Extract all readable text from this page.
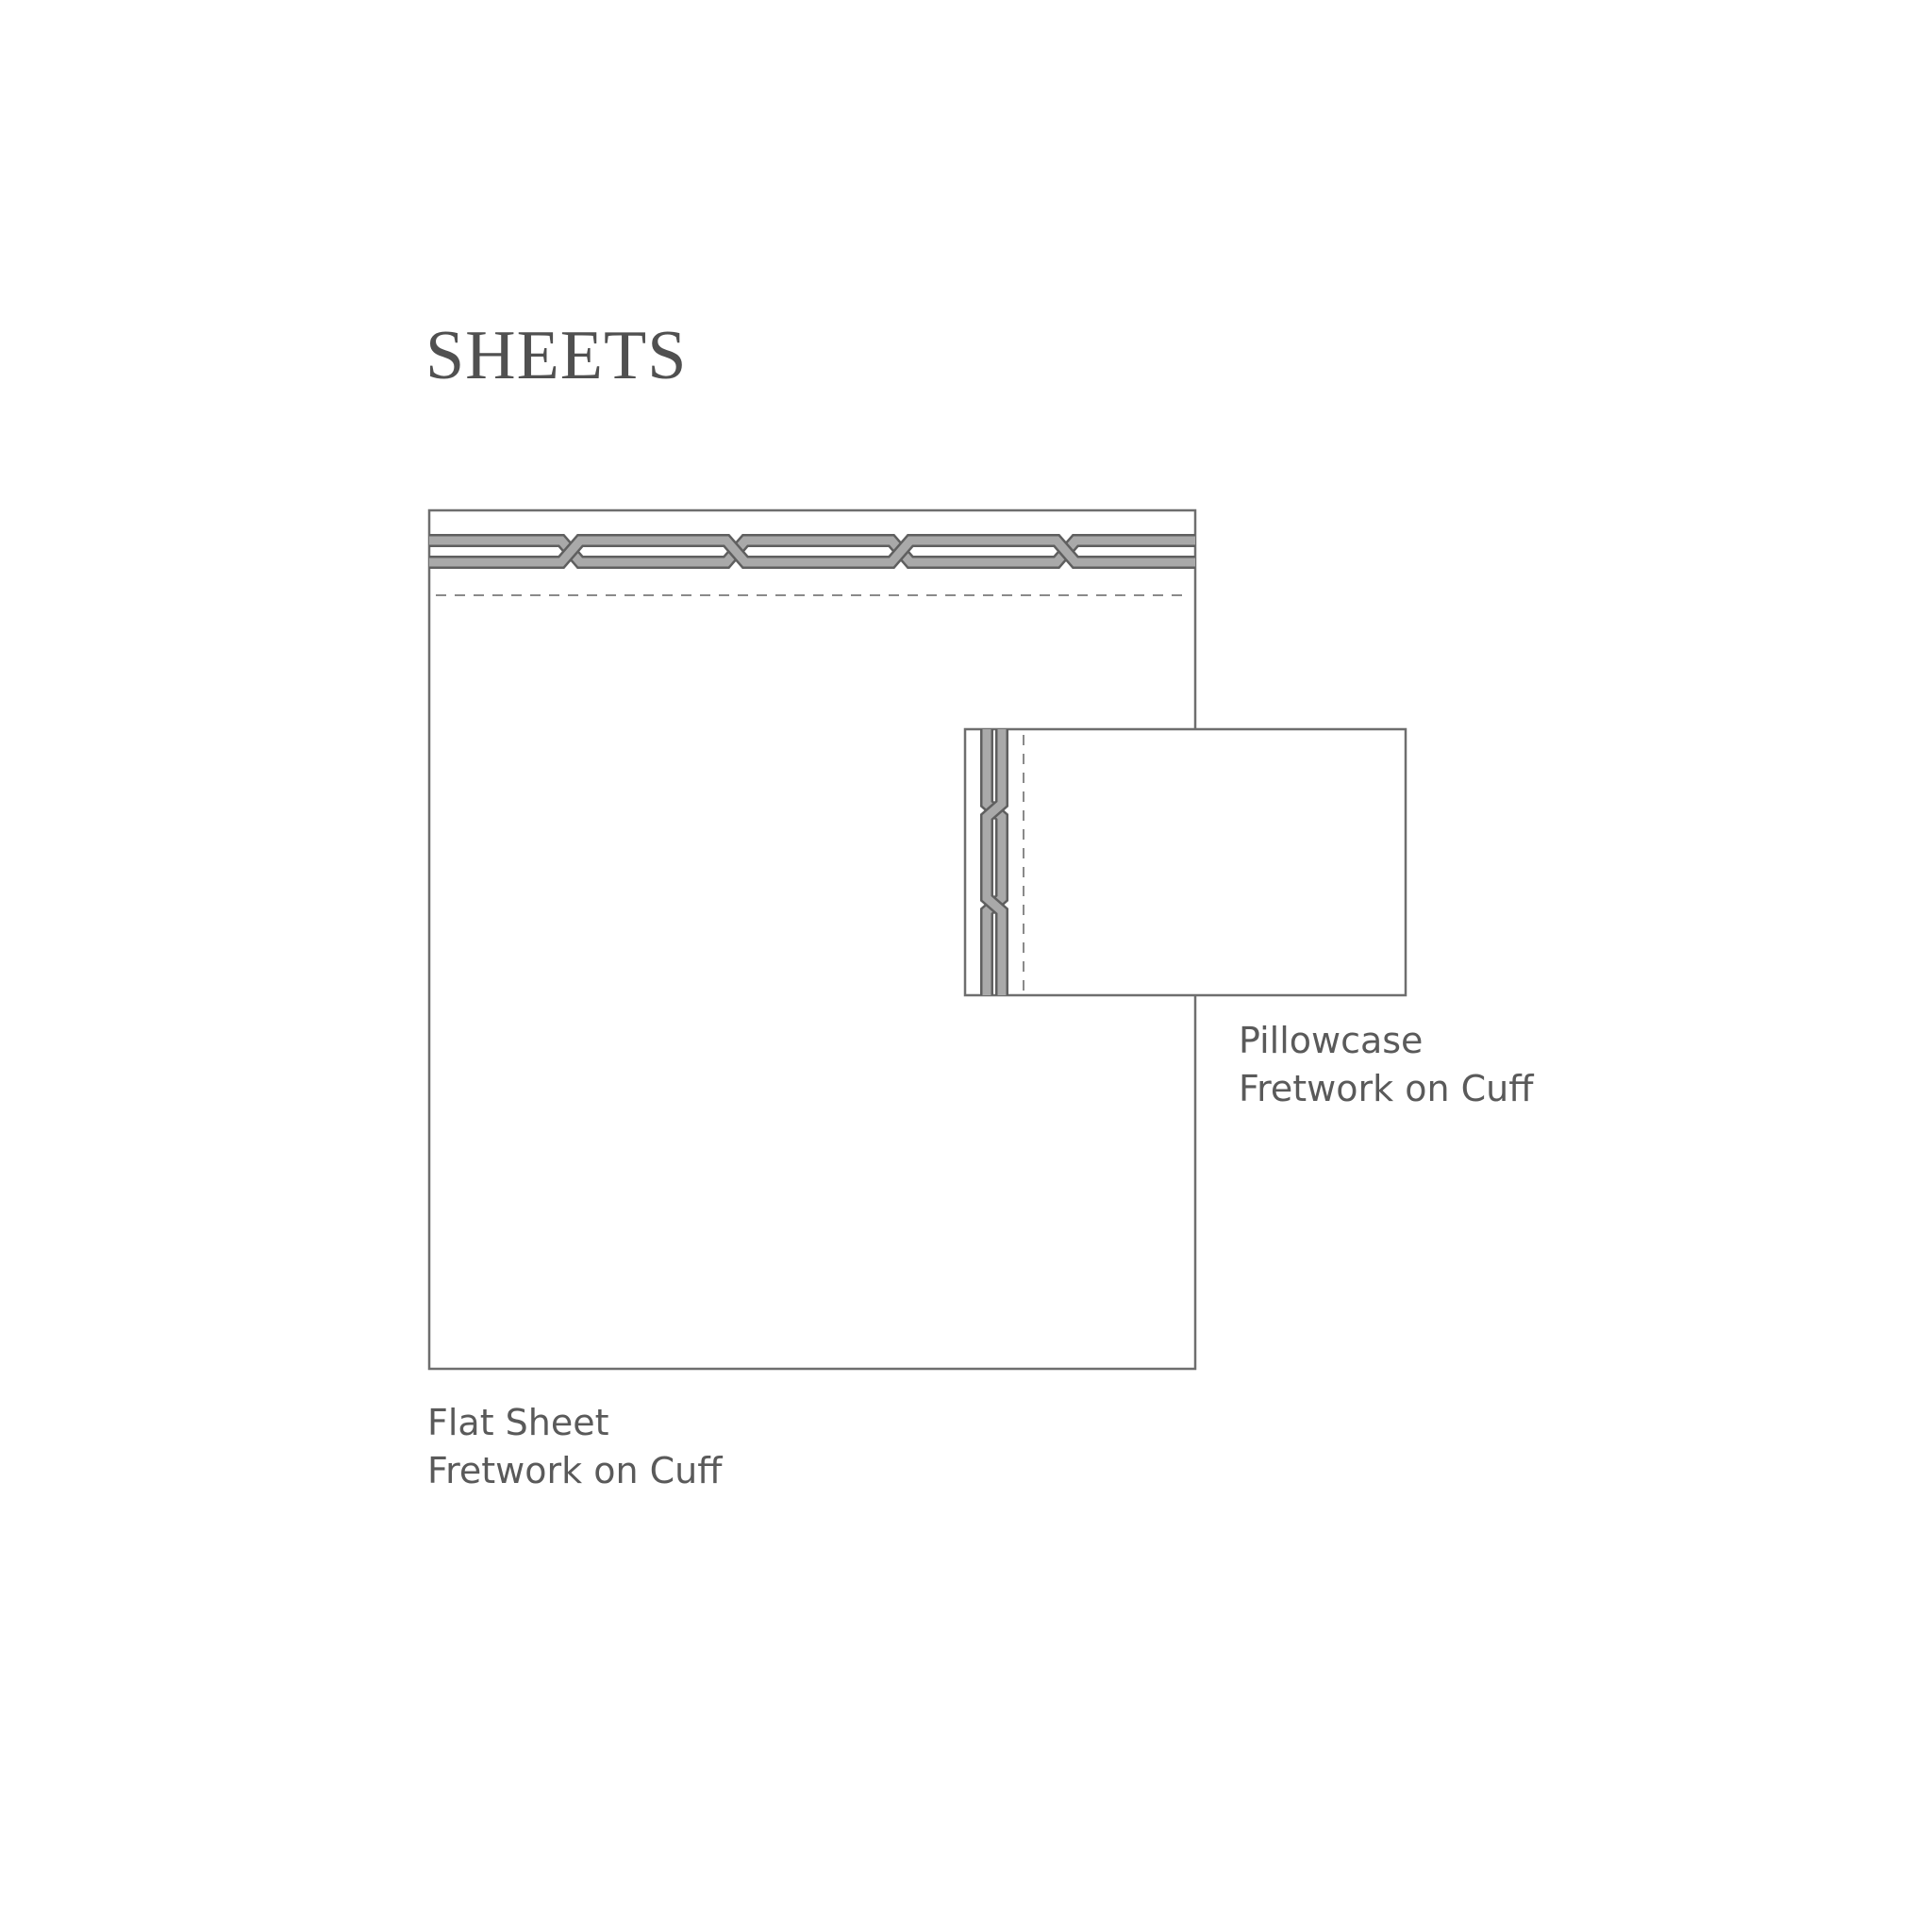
SHEETS
Flat Sheet
Fretwork on Cuff
Pillowcase
Fretwork on Cuff
